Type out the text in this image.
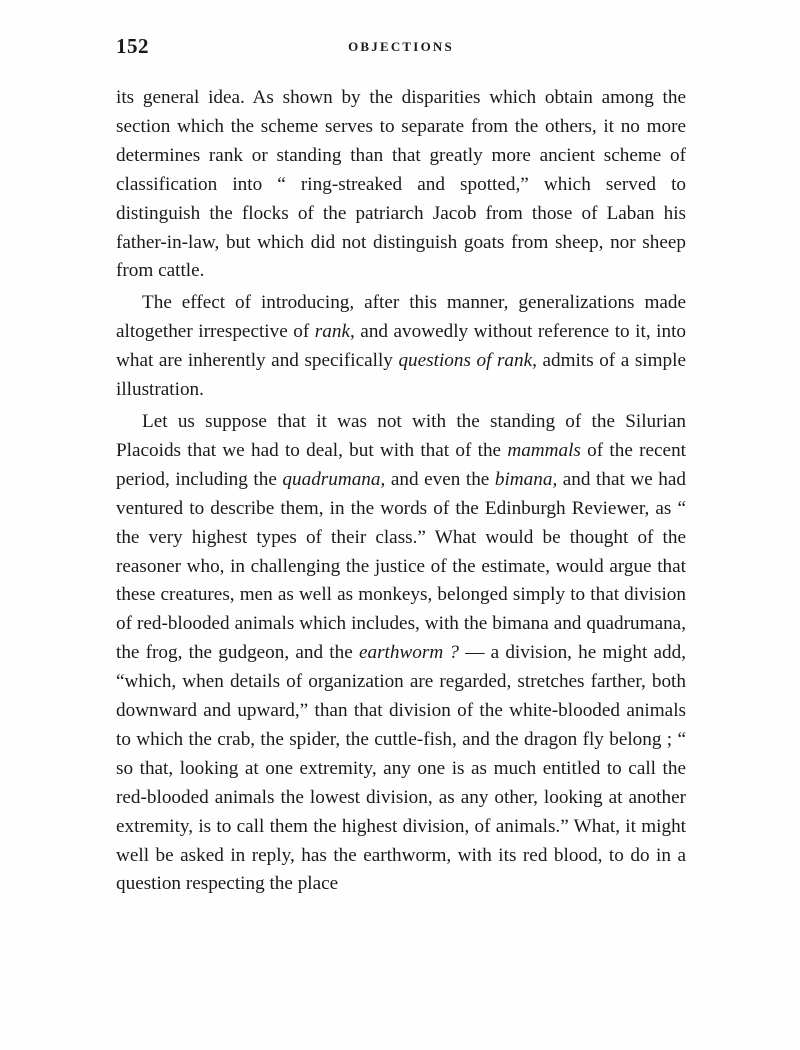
152	OBJECTIONS

its general idea. As shown by the disparities which obtain among the section which the scheme serves to separate from the others, it no more determines rank or standing than that greatly more ancient scheme of classification into “ ring-streaked and spotted,” which served to distinguish the flocks of the patriarch Jacob from those of Laban his father-in-law, but which did not distinguish goats from sheep, nor sheep from cattle.

The effect of introducing, after this manner, generalizations made altogether irrespective of rank, and avowedly without reference to it, into what are inherently and specifically questions of rank, admits of a simple illustration.

Let us suppose that it was not with the standing of the Silurian Placoids that we had to deal, but with that of the mammals of the recent period, including the quadrumana, and even the bimana, and that we had ventured to describe them, in the words of the Edinburgh Reviewer, as “ the very highest types of their class.” What would be thought of the reasoner who, in challenging the justice of the estimate, would argue that these creatures, men as well as monkeys, belonged simply to that division of red-blooded animals which includes, with the bimana and quadrumana, the frog, the gudgeon, and the earthworm ? — a division, he might add, “which, when details of organization are regarded, stretches farther, both downward and upward,” than that division of the white-blooded animals to which the crab, the spider, the cuttle-fish, and the dragon fly belong ; “ so that, looking at one extremity, any one is as much entitled to call the red-blooded animals the lowest division, as any other, looking at another extremity, is to call them the highest division, of animals.” What, it might well be asked in reply, has the earthworm, with its red blood, to do in a question respecting the place
